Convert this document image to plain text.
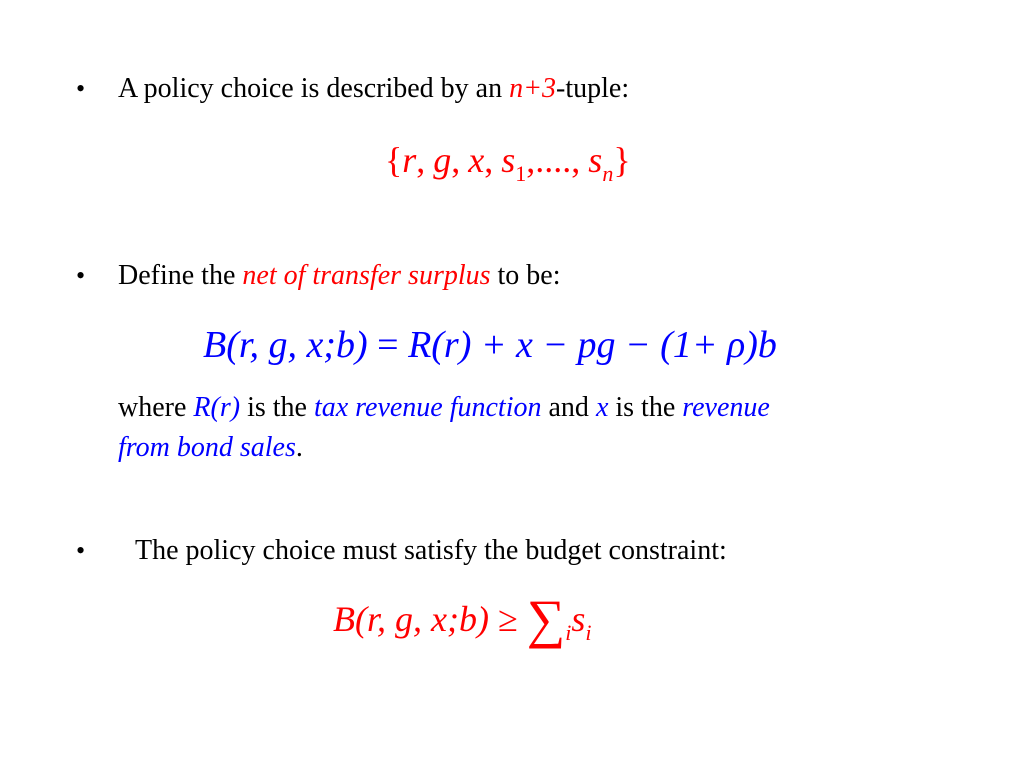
• A policy choice is described by an n+3-tuple:
{r, g, x, $s_1$,...., $s_n$}
• Define the net of transfer surplus to be:
B(r, g, x;b) = R(r) + x − pg − (1+ ρ)b
where R(r) is the tax revenue function and x is the revenue
from bond sales.
• The policy choice must satisfy the budget constraint:
B(r, g, x;b) ≥ $\sum_is_i$
